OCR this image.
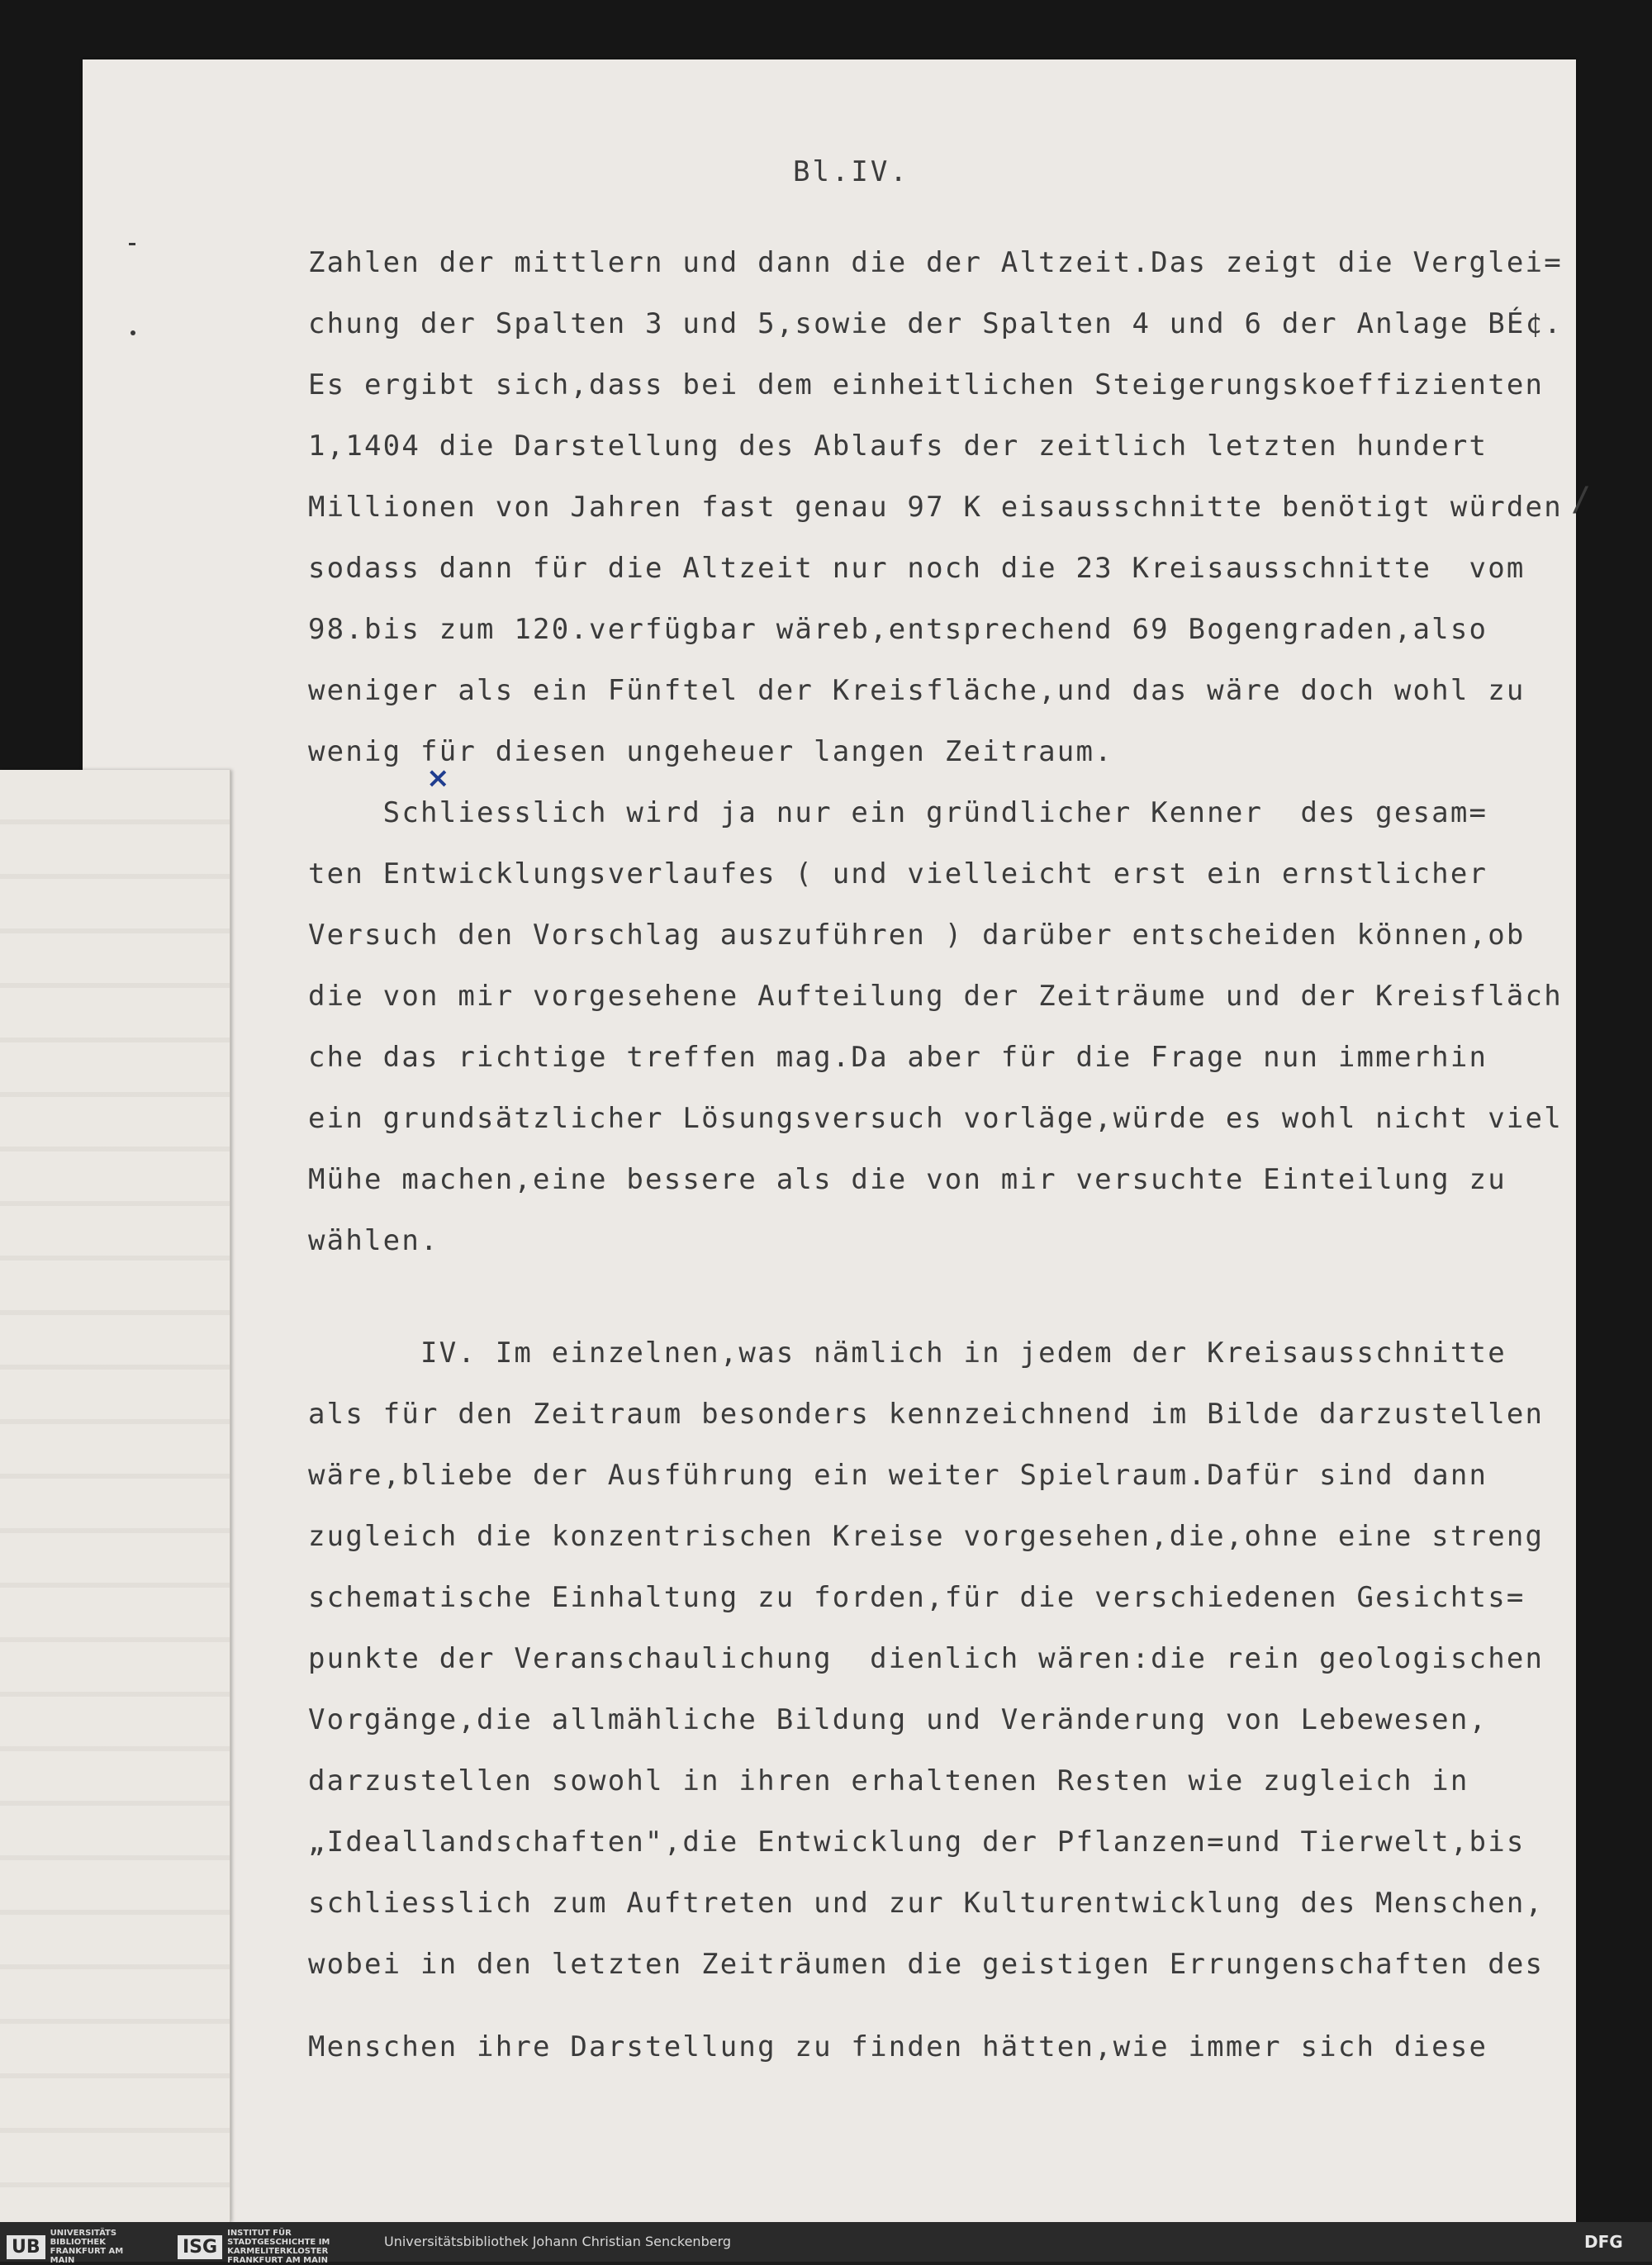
Bl.IV.
×
/
Zahlen der mittlern und dann die der Altzeit.Das zeigt die Verglei=
chung der Spalten 3 und 5,sowie der Spalten 4 und 6 der Anlage BÉ¢.
Es ergibt sich,dass bei dem einheitlichen Steigerungskoeffizienten
1,1404 die Darstellung des Ablaufs der zeitlich letzten hundert
Millionen von Jahren fast genau 97 K eisausschnitte benötigt würden
sodass dann für die Altzeit nur noch die 23 Kreisausschnitte  vom
98.bis zum 120.verfügbar wäreb,entsprechend 69 Bogengraden,also
weniger als ein Fünftel der Kreisfläche,und das wäre doch wohl zu
wenig für diesen ungeheuer langen Zeitraum.
Schliesslich wird ja nur ein gründlicher Kenner  des gesam=
ten Entwicklungsverlaufes ( und vielleicht erst ein ernstlicher
Versuch den Vorschlag auszuführen ) darüber entscheiden können,ob
die von mir vorgesehene Aufteilung der Zeiträume und der Kreisfläch
che das richtige treffen mag.Da aber für die Frage nun immerhin
ein grundsätzlicher Lösungsversuch vorläge,würde es wohl nicht viel
Mühe machen,eine bessere als die von mir versuchte Einteilung zu
wählen.
IV. Im einzelnen,was nämlich in jedem der Kreisausschnitte
als für den Zeitraum besonders kennzeichnend im Bilde darzustellen
wäre,bliebe der Ausführung ein weiter Spielraum.Dafür sind dann
zugleich die konzentrischen Kreise vorgesehen,die,ohne eine streng
schematische Einhaltung zu forden,für die verschiedenen Gesichts=
punkte der Veranschaulichung  dienlich wären:die rein geologischen
Vorgänge,die allmähliche Bildung und Veränderung von Lebewesen,
darzustellen sowohl in ihren erhaltenen Resten wie zugleich in
„Ideallandschaften",die Entwicklung der Pflanzen=und Tierwelt,bis
schliesslich zum Auftreten und zur Kulturentwicklung des Menschen,
wobei in den letzten Zeiträumen die geistigen Errungenschaften des
Menschen ihre Darstellung zu finden hätten,wie immer sich diese
UB
UNIVERSITÄTS BIBLIOTHEK FRANKFURT AM MAIN
ISG
INSTITUT FÜR STADTGESCHICHTE IM KARMELITERKLOSTER FRANKFURT AM MAIN
Universitätsbibliothek Johann Christian Senckenberg	DFG
